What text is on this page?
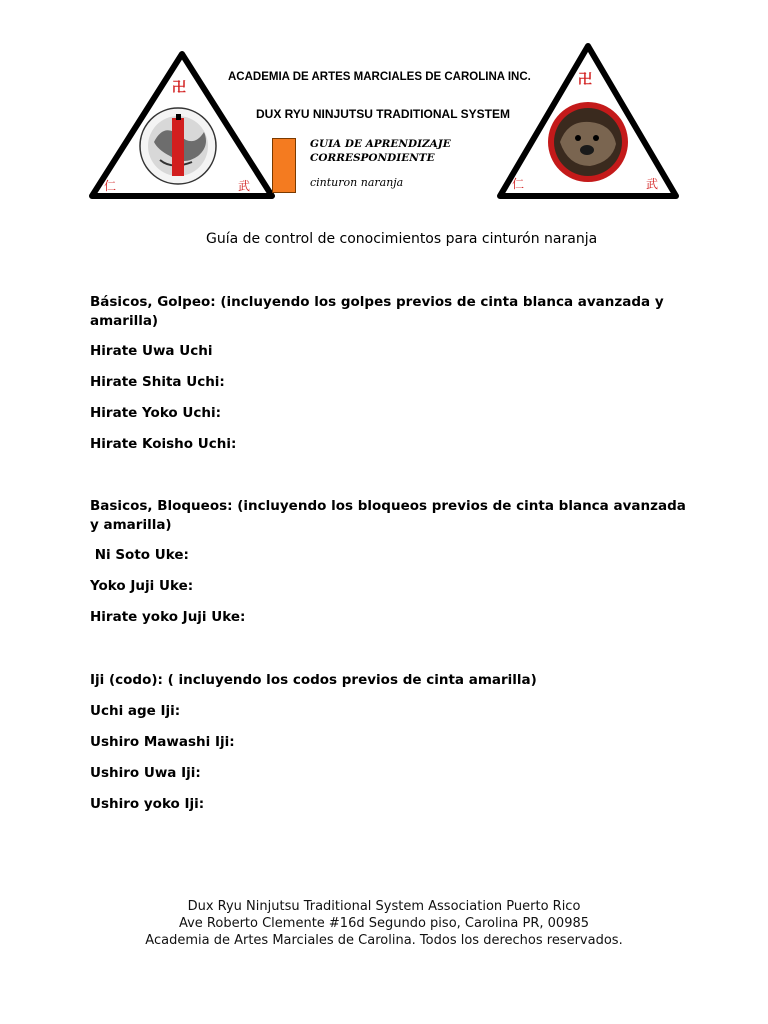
卍
仁	武
ACADEMIA DE ARTES MARCIALES DE CAROLINA INC.
DUX RYU NINJUTSU TRADITIONAL SYSTEM
GUIA DE APRENDIZAJE
CORRESPONDIENTE
cinturon naranja
卍
仁	武
Guía de control de conocimientos para cinturón naranja
Básicos, Golpeo: (incluyendo los golpes previos de cinta blanca avanzada y amarilla)
Hirate Uwa Uchi
Hirate Shita Uchi:
Hirate Yoko Uchi:
Hirate Koisho Uchi:
Basicos, Bloqueos: (incluyendo los bloqueos previos de cinta blanca avanzada y amarilla)
Ni Soto Uke:
Yoko Juji Uke:
Hirate yoko Juji Uke:
Iji (codo): ( incluyendo los codos previos de cinta amarilla)
Uchi age Iji:
Ushiro Mawashi Iji:
Ushiro Uwa Iji:
Ushiro yoko Iji:
Dux Ryu Ninjutsu Traditional System Association Puerto Rico
Ave Roberto Clemente #16d Segundo piso, Carolina PR, 00985
Academia de Artes Marciales de Carolina. Todos los derechos reservados.
